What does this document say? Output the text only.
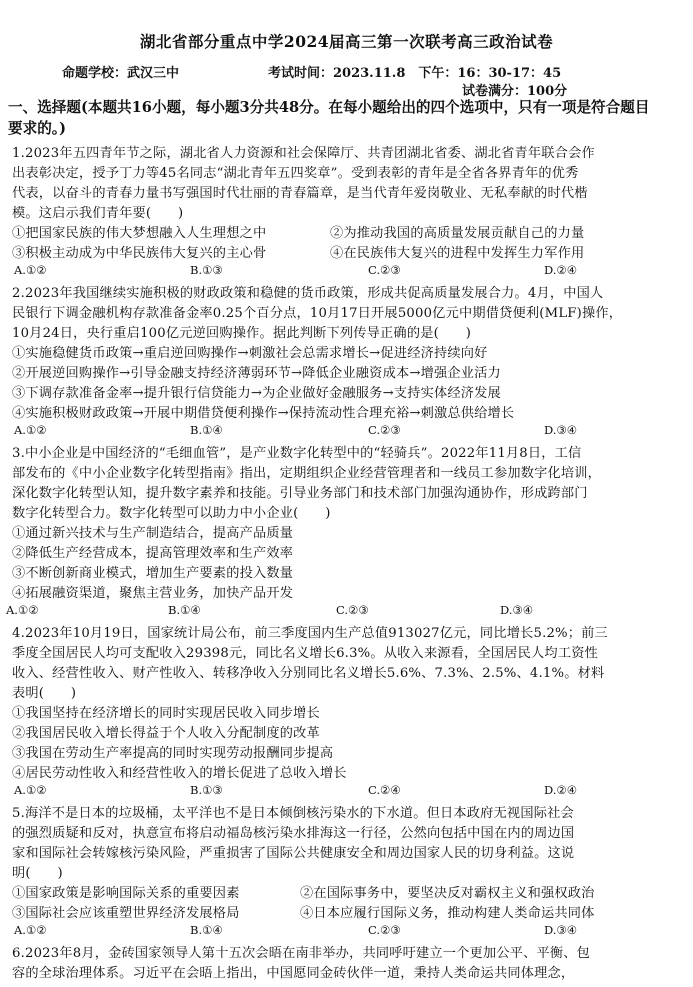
湖北省部分重点中学2024届高三第一次联考高三政治试卷
命题学校：武汉三中	考试时间：2023.11.8　下午：16：30-17：45
试卷满分：100分
一、选择题(本题共16小题，每小题3分共48分。在每小题给出的四个选项中，只有一项是符合题目
要求的。)
1.2023年五四青年节之际，湖北省人力资源和社会保障厅、共青团湖北省委、湖北省青年联合会作
出表彰决定，授予丁力等45名同志“湖北青年五四奖章”。受到表彰的青年是全省各界青年的优秀
代表，以奋斗的青春力量书写强国时代壮丽的青春篇章，是当代青年爱岗敬业、无私奉献的时代楷
模。这启示我们青年要(　　)
①把国家民族的伟大梦想融入人生理想之中	②为推动我国的高质量发展贡献自己的力量
③积极主动成为中华民族伟大复兴的主心骨	④在民族伟大复兴的进程中发挥生力军作用
A.①②	B.①③	C.②③	D.②④
2.2023年我国继续实施积极的财政政策和稳健的货币政策，形成共促高质量发展合力。4月，中国人
民银行下调金融机构存款准备金率0.25个百分点，10月17日开展5000亿元中期借贷便利(MLF)操作，
10月24日，央行重启100亿元逆回购操作。据此判断下列传导正确的是(　　)
①实施稳健货币政策→重启逆回购操作→刺激社会总需求增长→促进经济持续向好
②开展逆回购操作→引导金融支持经济薄弱环节→降低企业融资成本→增强企业活力
③下调存款准备金率→提升银行信贷能力→为企业做好金融服务→支持实体经济发展
④实施积极财政政策→开展中期借贷便利操作→保持流动性合理充裕→刺激总供给增长
A.①②	B.①④	C.②③	D.③④
3.中小企业是中国经济的“毛细血管”，是产业数字化转型中的“轻骑兵”。2022年11月8日，工信
部发布的《中小企业数字化转型指南》指出，定期组织企业经营管理者和一线员工参加数字化培训，
深化数字化转型认知，提升数字素养和技能。引导业务部门和技术部门加强沟通协作，形成跨部门
数字化转型合力。数字化转型可以助力中小企业(　　)
①通过新兴技术与生产制造结合，提高产品质量
②降低生产经营成本，提高管理效率和生产效率
③不断创新商业模式，增加生产要素的投入数量
④拓展融资渠道，聚焦主营业务，加快产品开发
A.①②	B.①④	C.②③	D.③④
4.2023年10月19日，国家统计局公布，前三季度国内生产总值913027亿元，同比增长5.2%；前三
季度全国居民人均可支配收入29398元，同比名义增长6.3%。从收入来源看，全国居民人均工资性
收入、经营性收入、财产性收入、转移净收入分别同比名义增长5.6%、7.3%、2.5%、4.1%。材料
表明(　　)
①我国坚持在经济增长的同时实现居民收入同步增长
②我国居民收入增长得益于个人收入分配制度的改革
③我国在劳动生产率提高的同时实现劳动报酬同步提高
④居民劳动性收入和经营性收入的增长促进了总收入增长
A.①②	B.①③	C.②④	D.②④
5.海洋不是日本的垃圾桶，太平洋也不是日本倾倒核污染水的下水道。但日本政府无视国际社会
的强烈质疑和反对，执意宣布将启动福岛核污染水排海这一行径，公然向包括中国在内的周边国
家和国际社会转嫁核污染风险，严重损害了国际公共健康安全和周边国家人民的切身利益。这说
明(　　)
①国家政策是影响国际关系的重要因素	②在国际事务中，要坚决反对霸权主义和强权政治
③国际社会应该重塑世界经济发展格局	④日本应履行国际义务，推动构建人类命运共同体
A.①②	B.①④	C.②③	D.③④
6.2023年8月，金砖国家领导人第十五次会晤在南非举办，共同呼吁建立一个更加公平、平衡、包
容的全球治理体系。习近平在会晤上指出，中国愿同金砖伙伴一道，秉持人类命运共同体理念，
